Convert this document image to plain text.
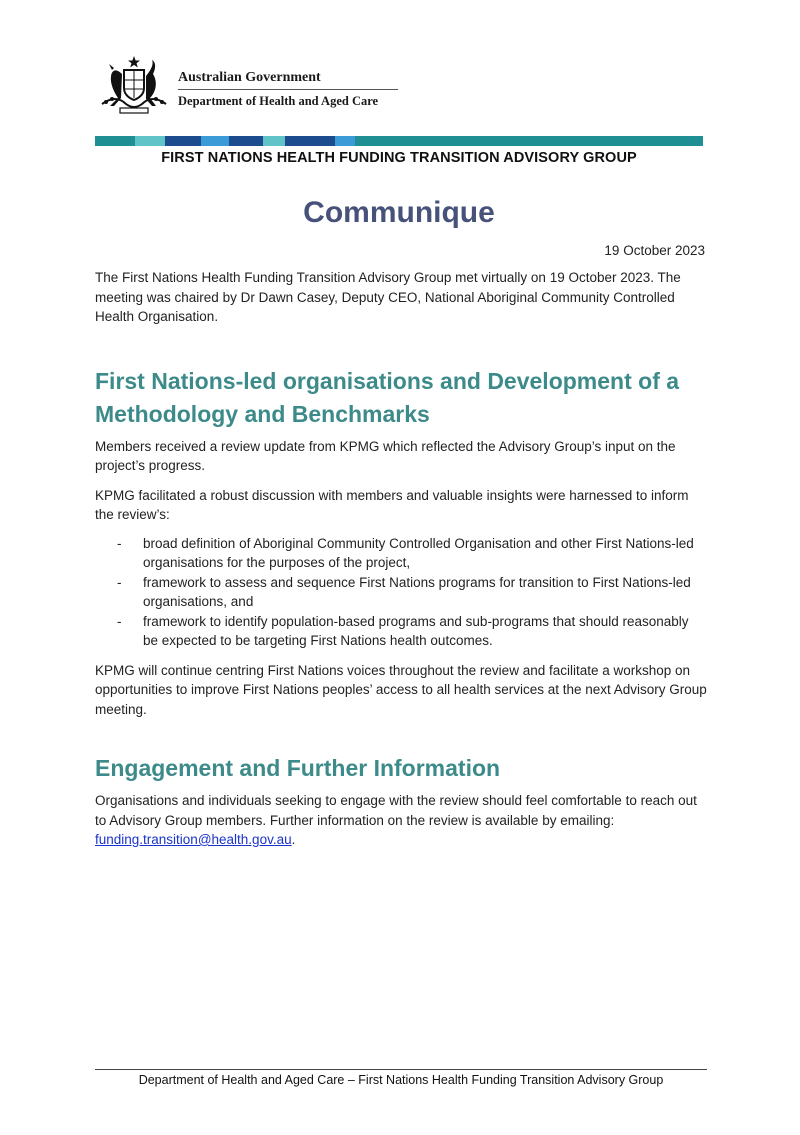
Australian Government
Department of Health and Aged Care
FIRST NATIONS HEALTH FUNDING TRANSITION ADVISORY GROUP
Communique
19 October 2023

The First Nations Health Funding Transition Advisory Group met virtually on 19 October 2023. The meeting was chaired by Dr Dawn Casey, Deputy CEO, National Aboriginal Community Controlled Health Organisation.

First Nations-led organisations and Development of a Methodology and Benchmarks

Members received a review update from KPMG which reflected the Advisory Group’s input on the project’s progress.

KPMG facilitated a robust discussion with members and valuable insights were harnessed to inform the review’s:

- broad definition of Aboriginal Community Controlled Organisation and other First Nations-led organisations for the purposes of the project,
- framework to assess and sequence First Nations programs for transition to First Nations-led organisations, and
- framework to identify population-based programs and sub-programs that should reasonably be expected to be targeting First Nations health outcomes.

KPMG will continue centring First Nations voices throughout the review and facilitate a workshop on opportunities to improve First Nations peoples’ access to all health services at the next Advisory Group meeting.

Engagement and Further Information

Organisations and individuals seeking to engage with the review should feel comfortable to reach out to Advisory Group members. Further information on the review is available by emailing: funding.transition@health.gov.au.

Department of Health and Aged Care – First Nations Health Funding Transition Advisory Group
